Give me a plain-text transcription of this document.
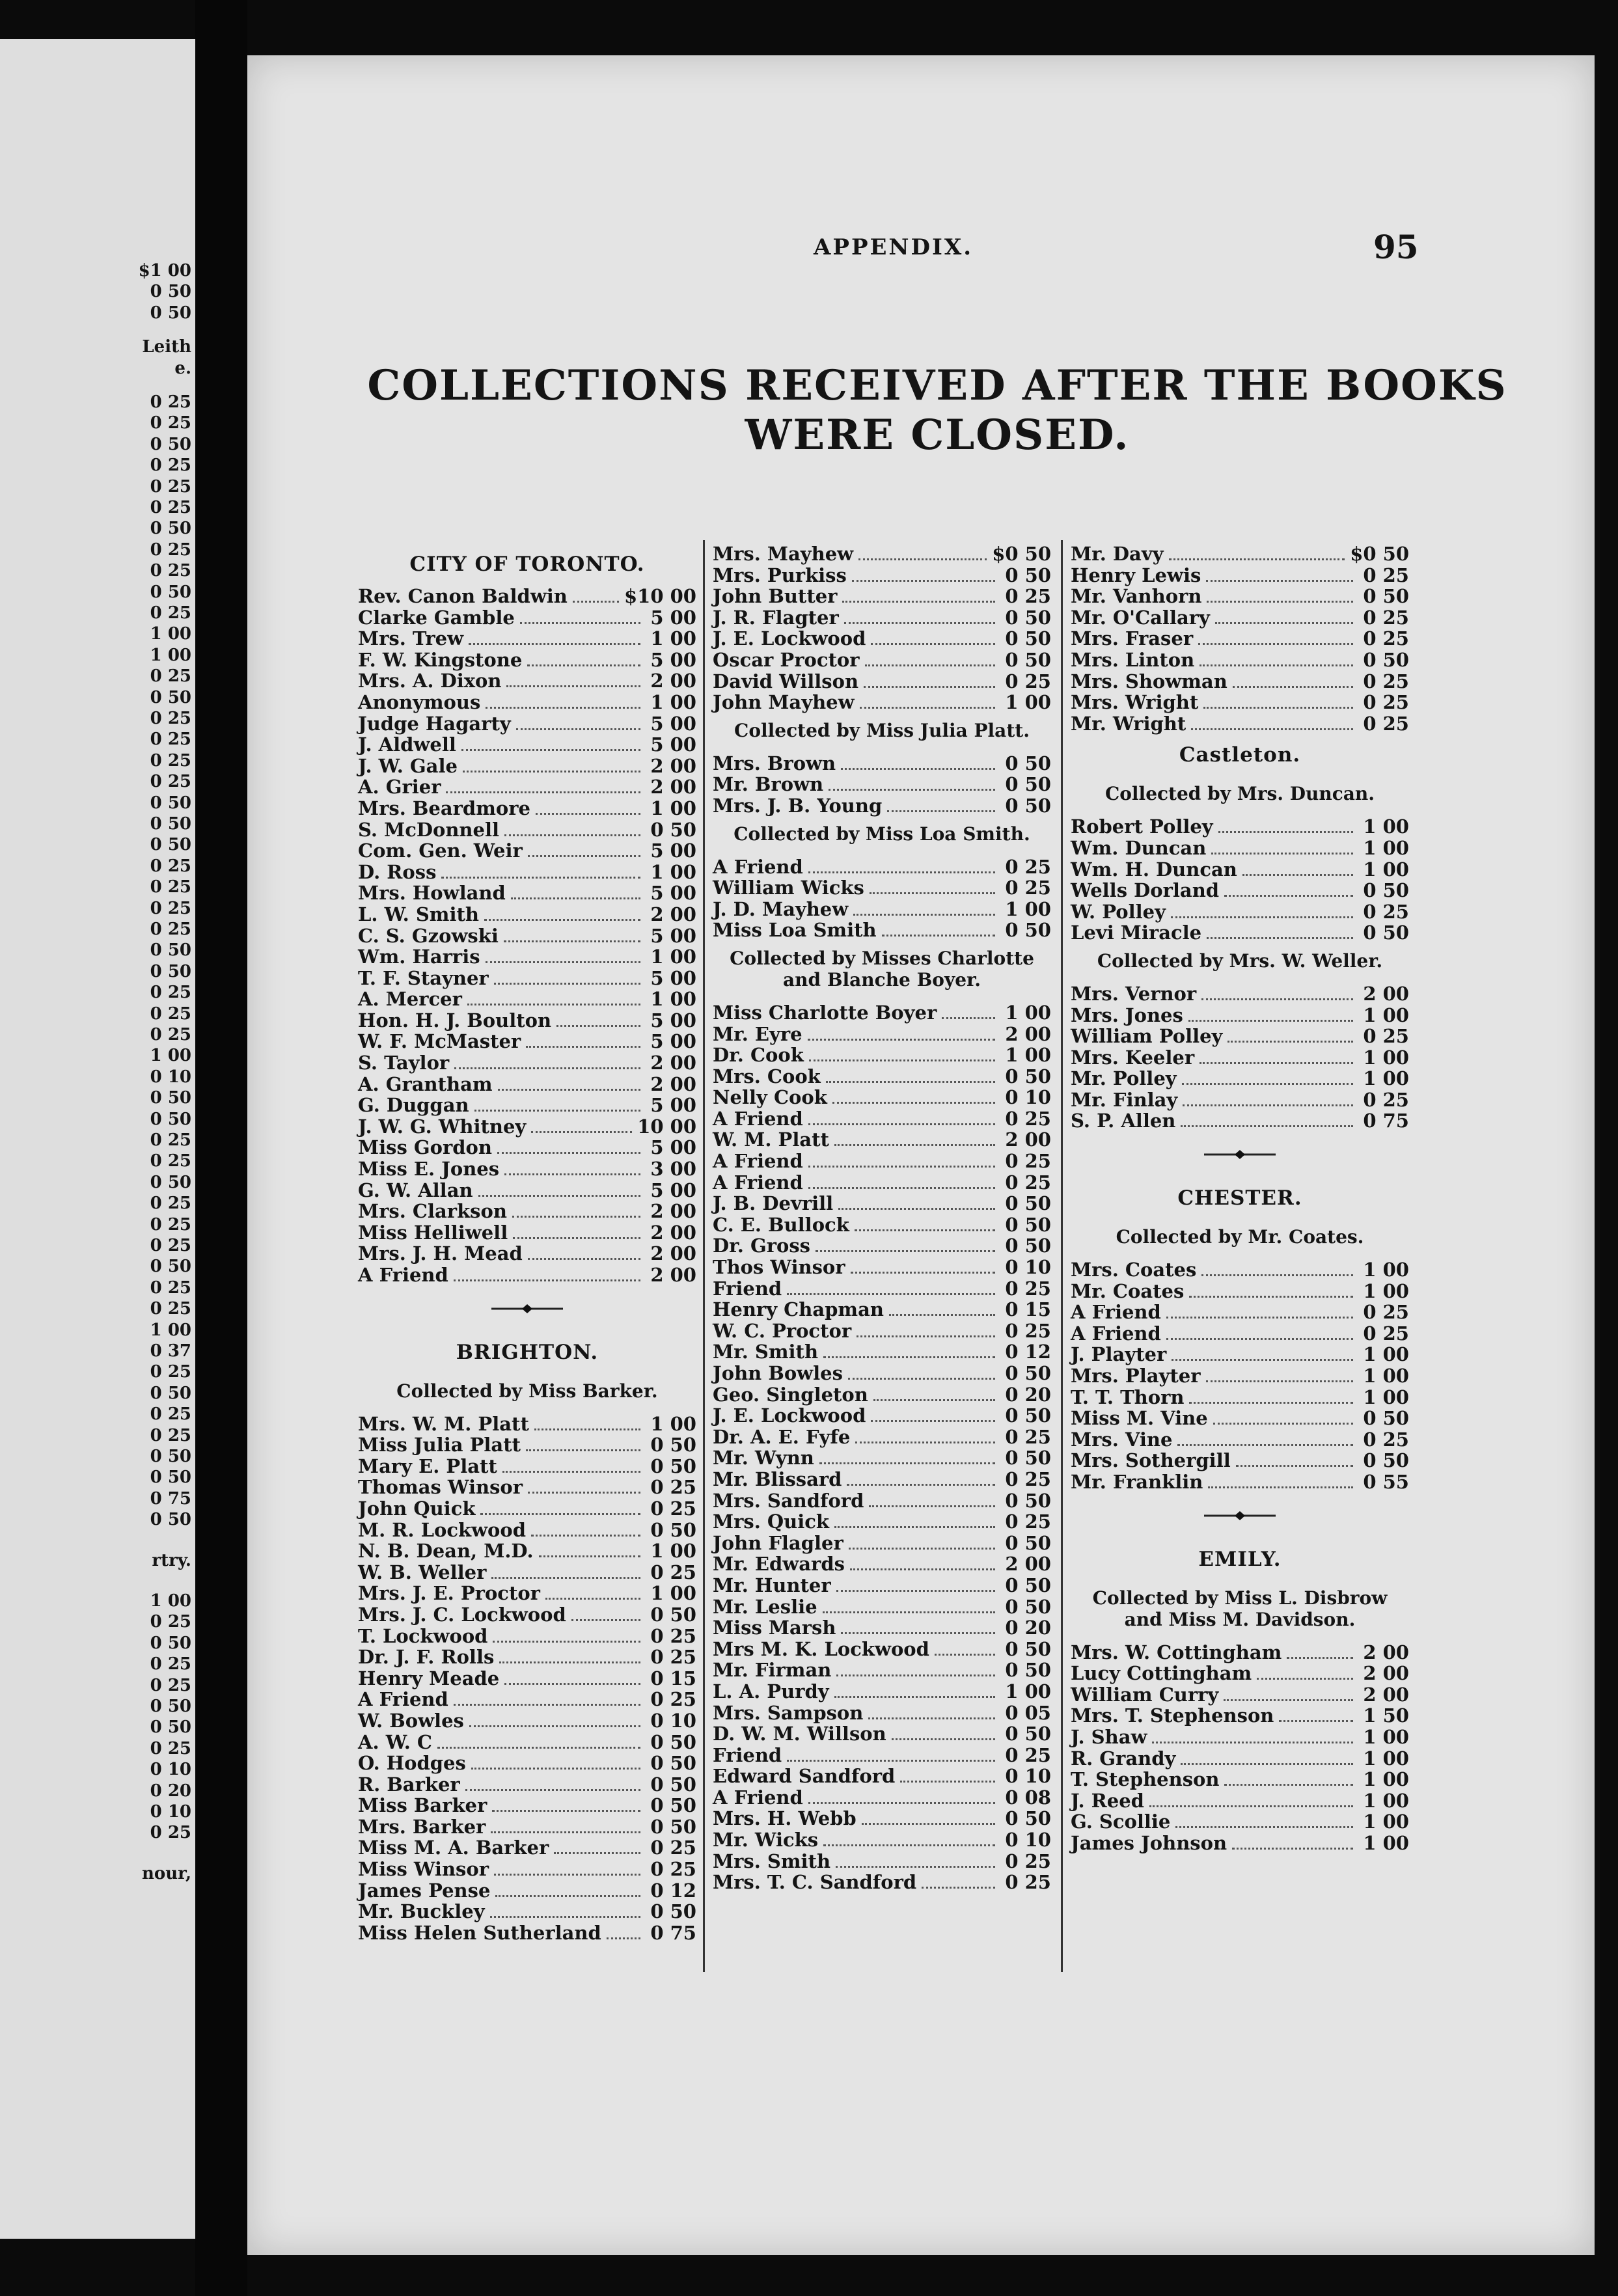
$1 00
0 50
0 50
Leith
e.
0 25
0 25
0 50
0 25
0 25
0 25
0 50
0 25
0 25
0 50
0 25
1 00
1 00
0 25
0 50
0 25
0 25
0 25
0 25
0 50
0 50
0 50
0 25
0 25
0 25
0 25
0 50
0 50
0 25
0 25
0 25
1 00
0 10
0 50
0 50
0 25
0 25
0 50
0 25
0 25
0 25
0 50
0 25
0 25
1 00
0 37
0 25
0 50
0 25
0 25
0 50
0 50
0 75
0 50
rtry.
1 00
0 25
0 50
0 25
0 25
0 50
0 50
0 25
0 10
0 20
0 10
0 25
nour,
APPENDIX.	95
COLLECTIONS RECEIVED AFTER THE BOOKS
WERE CLOSED.
CITY OF TORONTO.
Rev. Canon Baldwin	$10 00
Clarke Gamble	5 00
Mrs. Trew	1 00
F. W. Kingstone	5 00
Mrs. A. Dixon	2 00
Anonymous	1 00
Judge Hagarty	5 00
J. Aldwell	5 00
J. W. Gale	2 00
A. Grier	2 00
Mrs. Beardmore	1 00
S. McDonnell	0 50
Com. Gen. Weir	5 00
D. Ross	1 00
Mrs. Howland	5 00
L. W. Smith	2 00
C. S. Gzowski	5 00
Wm. Harris	1 00
T. F. Stayner	5 00
A. Mercer	1 00
Hon. H. J. Boulton	5 00
W. F. McMaster	5 00
S. Taylor	2 00
A. Grantham	2 00
G. Duggan	5 00
J. W. G. Whitney	10 00
Miss Gordon	5 00
Miss E. Jones	3 00
G. W. Allan	5 00
Mrs. Clarkson	2 00
Miss Helliwell	2 00
Mrs. J. H. Mead	2 00
A Friend	2 00
BRIGHTON.
Collected by Miss Barker.
Mrs. W. M. Platt	1 00
Miss Julia Platt	0 50
Mary E. Platt	0 50
Thomas Winsor	0 25
John Quick	0 25
M. R. Lockwood	0 50
N. B. Dean, M.D.	1 00
W. B. Weller	0 25
Mrs. J. E. Proctor	1 00
Mrs. J. C. Lockwood	0 50
T. Lockwood	0 25
Dr. J. F. Rolls	0 25
Henry Meade	0 15
A Friend	0 25
W. Bowles	0 10
A. W. C	0 50
O. Hodges	0 50
R. Barker	0 50
Miss Barker	0 50
Mrs. Barker	0 50
Miss M. A. Barker	0 25
Miss Winsor	0 25
James Pense	0 12
Mr. Buckley	0 50
Miss Helen Sutherland	0 75
Mrs. Mayhew	$0 50
Mrs. Purkiss	0 50
John Butter	0 25
J. R. Flagter	0 50
J. E. Lockwood	0 50
Oscar Proctor	0 50
David Willson	0 25
John Mayhew	1 00
Collected by Miss Julia Platt.
Mrs. Brown	0 50
Mr. Brown	0 50
Mrs. J. B. Young	0 50
Collected by Miss Loa Smith.
A Friend	0 25
William Wicks	0 25
J. D. Mayhew	1 00
Miss Loa Smith	0 50
Collected by Misses Charlotte and Blanche Boyer.
Miss Charlotte Boyer	1 00
Mr. Eyre	2 00
Dr. Cook	1 00
Mrs. Cook	0 50
Nelly Cook	0 10
A Friend	0 25
W. M. Platt	2 00
A Friend	0 25
A Friend	0 25
J. B. Devrill	0 50
C. E. Bullock	0 50
Dr. Gross	0 50
Thos Winsor	0 10
Friend	0 25
Henry Chapman	0 15
W. C. Proctor	0 25
Mr. Smith	0 12
John Bowles	0 50
Geo. Singleton	0 20
J. E. Lockwood	0 50
Dr. A. E. Fyfe	0 25
Mr. Wynn	0 50
Mr. Blissard	0 25
Mrs. Sandford	0 50
Mrs. Quick	0 25
John Flagler	0 50
Mr. Edwards	2 00
Mr. Hunter	0 50
Mr. Leslie	0 50
Miss Marsh	0 20
Mrs M. K. Lockwood	0 50
Mr. Firman	0 50
L. A. Purdy	1 00
Mrs. Sampson	0 05
D. W. M. Willson	0 50
Friend	0 25
Edward Sandford	0 10
A Friend	0 08
Mrs. H. Webb	0 50
Mr. Wicks	0 10
Mrs. Smith	0 25
Mrs. T. C. Sandford	0 25
Mr. Davy	$0 50
Henry Lewis	0 25
Mr. Vanhorn	0 50
Mr. O'Callary	0 25
Mrs. Fraser	0 25
Mrs. Linton	0 50
Mrs. Showman	0 25
Mrs. Wright	0 25
Mr. Wright	0 25
Castleton.
Collected by Mrs. Duncan.
Robert Polley	1 00
Wm. Duncan	1 00
Wm. H. Duncan	1 00
Wells Dorland	0 50
W. Polley	0 25
Levi Miracle	0 50
Collected by Mrs. W. Weller.
Mrs. Vernor	2 00
Mrs. Jones	1 00
William Polley	0 25
Mrs. Keeler	1 00
Mr. Polley	1 00
Mr. Finlay	0 25
S. P. Allen	0 75
CHESTER.
Collected by Mr. Coates.
Mrs. Coates	1 00
Mr. Coates	1 00
A Friend	0 25
A Friend	0 25
J. Playter	1 00
Mrs. Playter	1 00
T. T. Thorn	1 00
Miss M. Vine	0 50
Mrs. Vine	0 25
Mrs. Sothergill	0 50
Mr. Franklin	0 55
EMILY.
Collected by Miss L. Disbrow and Miss M. Davidson.
Mrs. W. Cottingham	2 00
Lucy Cottingham	2 00
William Curry	2 00
Mrs. T. Stephenson	1 50
J. Shaw	1 00
R. Grandy	1 00
T. Stephenson	1 00
J. Reed	1 00
G. Scollie	1 00
James Johnson	1 00
